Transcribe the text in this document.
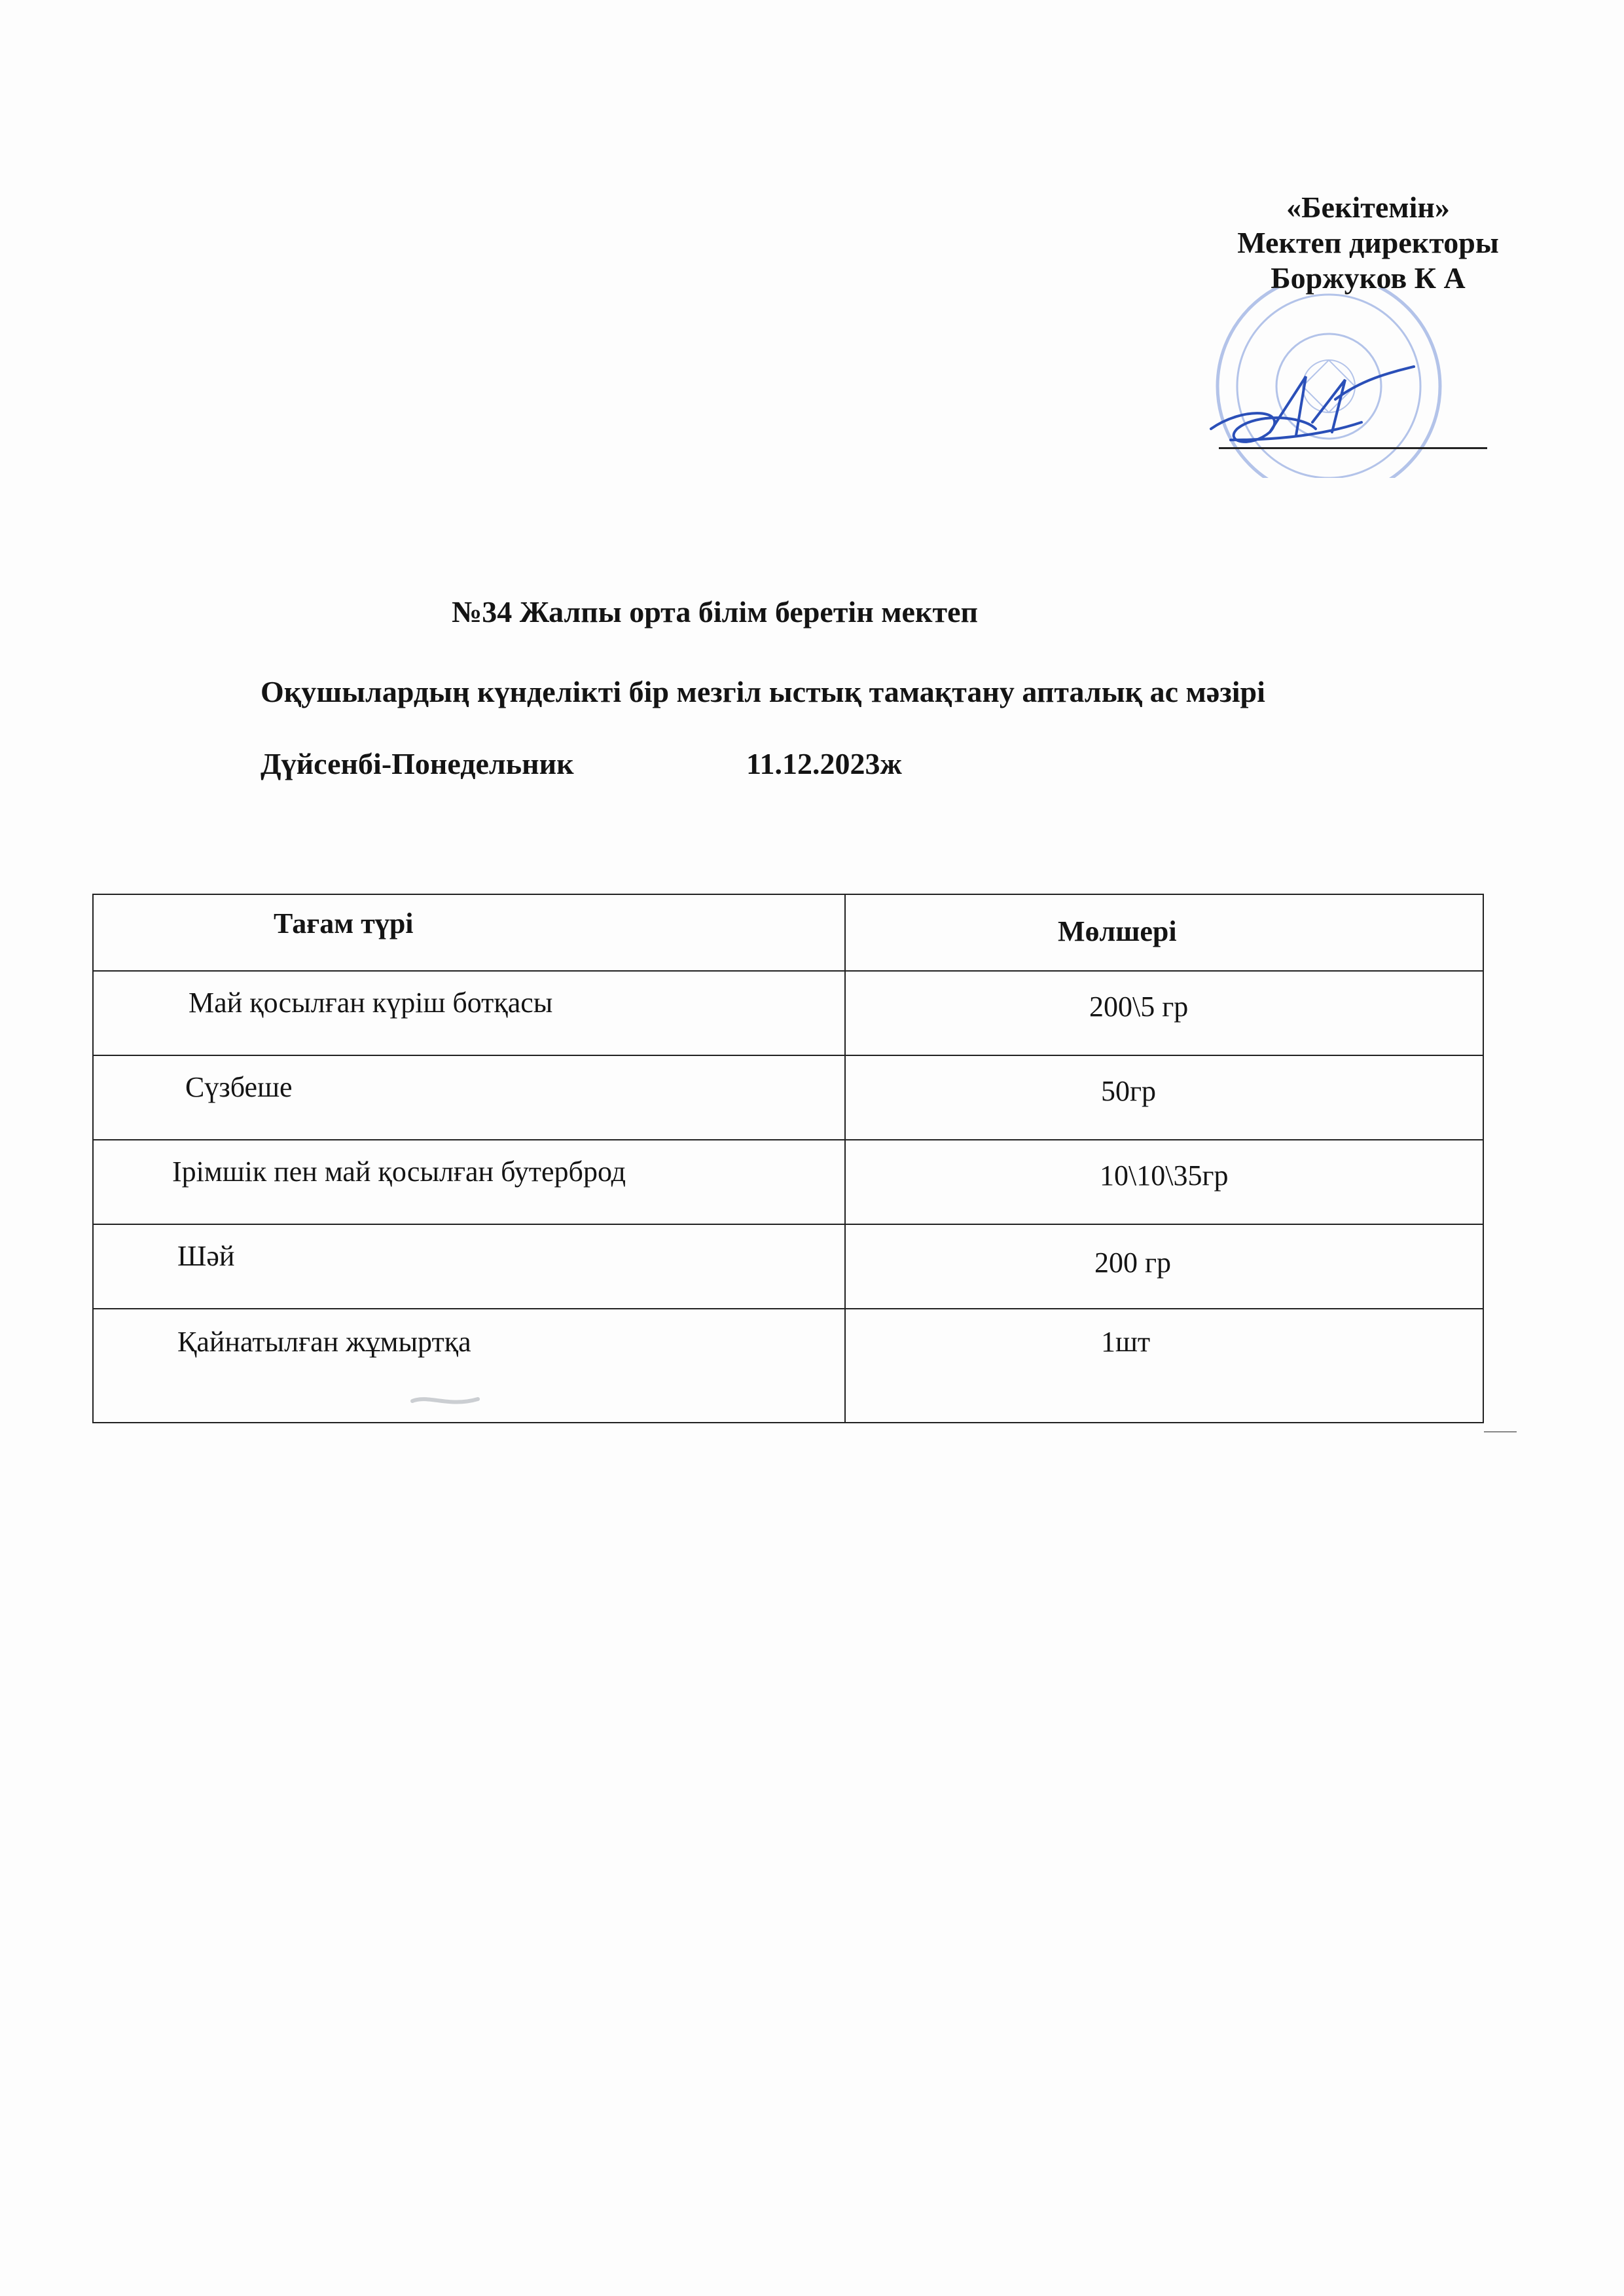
«Бекітемін»
Мектеп директоры
Боржуков К А
№34 Жалпы орта білім беретін мектеп
Оқушылардың күнделікті бір мезгіл ыстық тамақтану апталық ас мәзірі
Дүйсенбі-Понедельник	11.12.2023ж
Тағам түрі	Мөлшері

Май қосылған күріш ботқасы	200\5 гр

Сүзбеше	50гр

Ірімшік пен май қосылған бутерброд	10\10\35гр

Шәй	200 гр

Қайнатылған жұмыртқа	1шт
